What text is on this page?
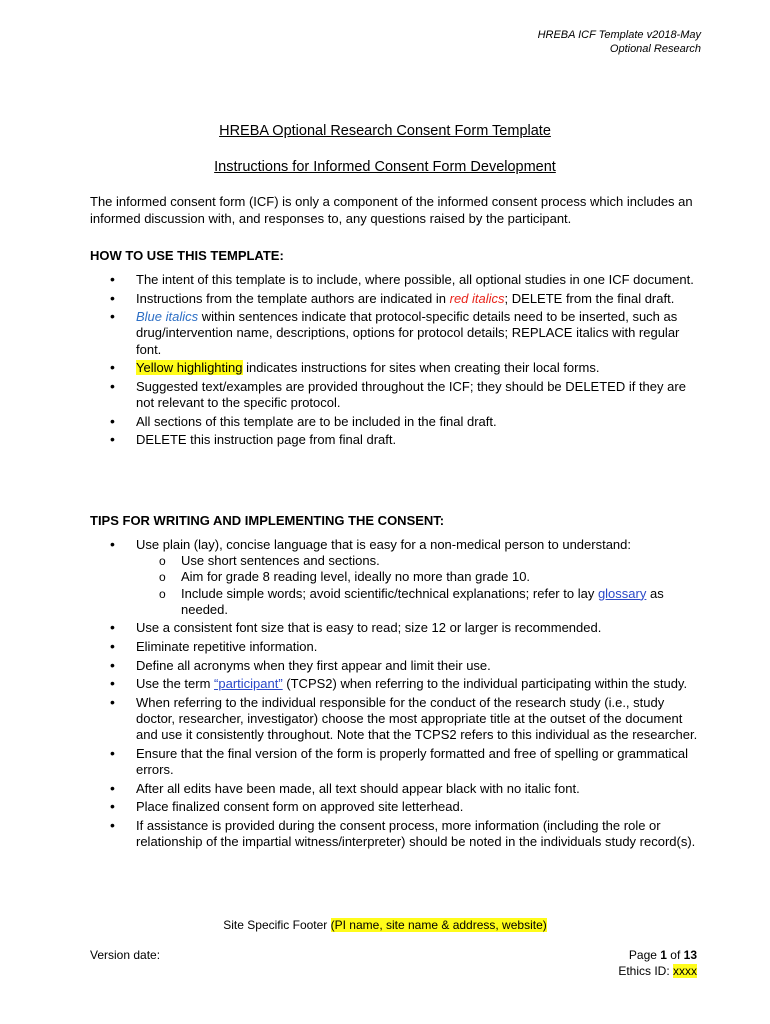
HREBA ICF Template v2018-May
Optional Research
HREBA Optional Research Consent Form Template
Instructions for Informed Consent Form Development
The informed consent form (ICF) is only a component of the informed consent process which includes an informed discussion with, and responses to, any questions raised by the participant.
HOW TO USE THIS TEMPLATE:
• The intent of this template is to include, where possible, all optional studies in one ICF document.
• Instructions from the template authors are indicated in red italics; DELETE from the final draft.
• Blue italics within sentences indicate that protocol-specific details need to be inserted, such as drug/intervention name, descriptions, options for protocol details; REPLACE italics with regular font.
• Yellow highlighting indicates instructions for sites when creating their local forms.
• Suggested text/examples are provided throughout the ICF; they should be DELETED if they are not relevant to the specific protocol.
• All sections of this template are to be included in the final draft.
• DELETE this instruction page from final draft.
TIPS FOR WRITING AND IMPLEMENTING THE CONSENT:
• Use plain (lay), concise language that is easy for a non-medical person to understand:
o Use short sentences and sections.
o Aim for grade 8 reading level, ideally no more than grade 10.
o Include simple words; avoid scientific/technical explanations; refer to lay glossary as needed.
• Use a consistent font size that is easy to read; size 12 or larger is recommended.
• Eliminate repetitive information.
• Define all acronyms when they first appear and limit their use.
• Use the term “participant” (TCPS2) when referring to the individual participating within the study.
• When referring to the individual responsible for the conduct of the research study (i.e., study doctor, researcher, investigator) choose the most appropriate title at the outset of the document and use it consistently throughout. Note that the TCPS2 refers to this individual as the researcher.
• Ensure that the final version of the form is properly formatted and free of spelling or grammatical errors.
• After all edits have been made, all text should appear black with no italic font.
• Place finalized consent form on approved site letterhead.
• If assistance is provided during the consent process, more information (including the role or relationship of the impartial witness/interpreter) should be noted in the individuals study record(s).
Site Specific Footer (PI name, site name & address, website)
Version date:	Page 1 of 13
Ethics ID: xxxx
